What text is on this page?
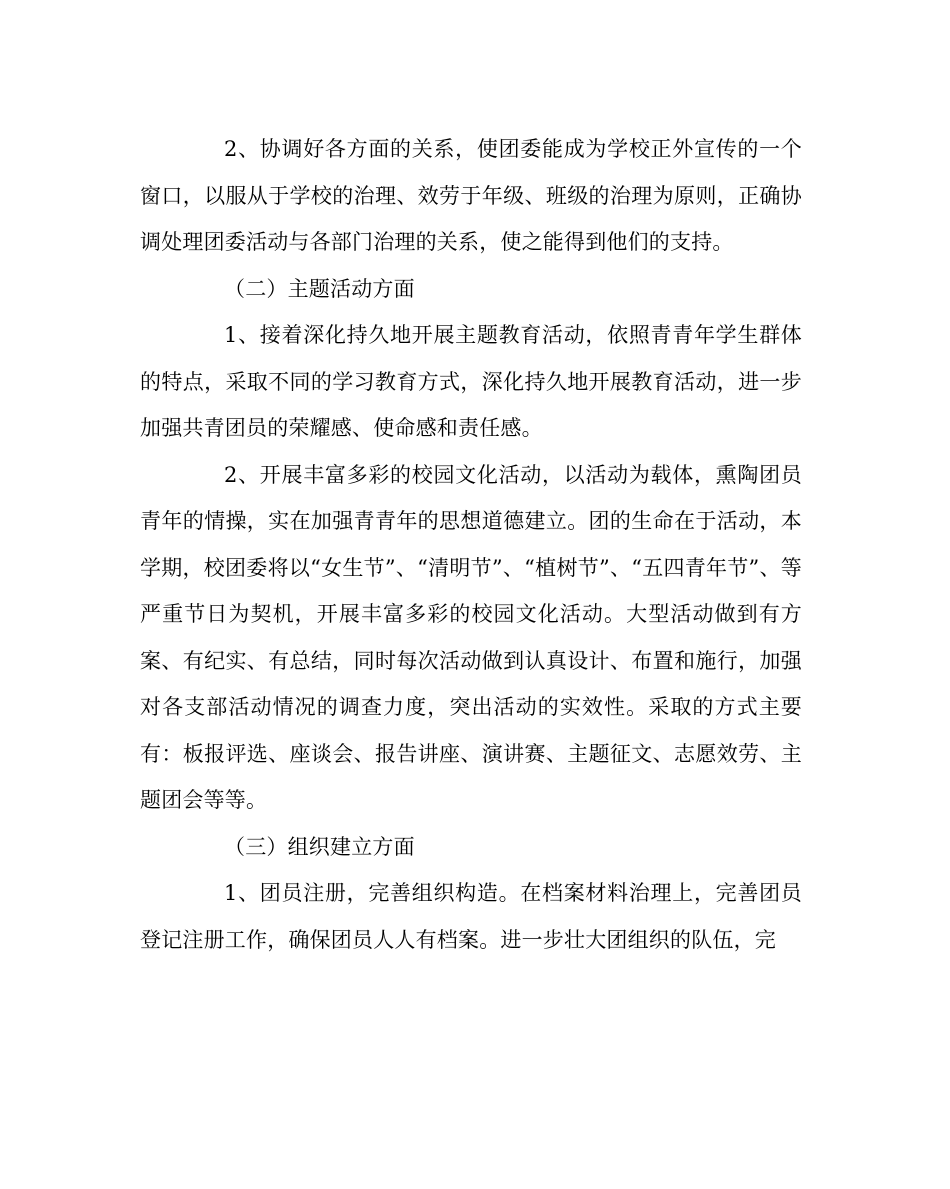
2、协调好各方面的关系，使团委能成为学校正外宣传的一个窗口，以服从于学校的治理、效劳于年级、班级的治理为原则，正确协调处理团委活动与各部门治理的关系，使之能得到他们的支持。

（二）主题活动方面

1、接着深化持久地开展主题教育活动，依照青青年学生群体的特点，采取不同的学习教育方式，深化持久地开展教育活动，进一步加强共青团员的荣耀感、使命感和责任感。

2、开展丰富多彩的校园文化活动，以活动为载体，熏陶团员青年的情操，实在加强青青年的思想道德建立。团的生命在于活动，本学期，校团委将以“女生节”、“清明节”、“植树节”、“五四青年节”、等严重节日为契机，开展丰富多彩的校园文化活动。大型活动做到有方案、有纪实、有总结，同时每次活动做到认真设计、布置和施行，加强对各支部活动情况的调查力度，突出活动的实效性。采取的方式主要有：板报评选、座谈会、报告讲座、演讲赛、主题征文、志愿效劳、主题团会等等。

（三）组织建立方面

1、团员注册，完善组织构造。在档案材料治理上，完善团员登记注册工作，确保团员人人有档案。进一步壮大团组织的队伍，完
